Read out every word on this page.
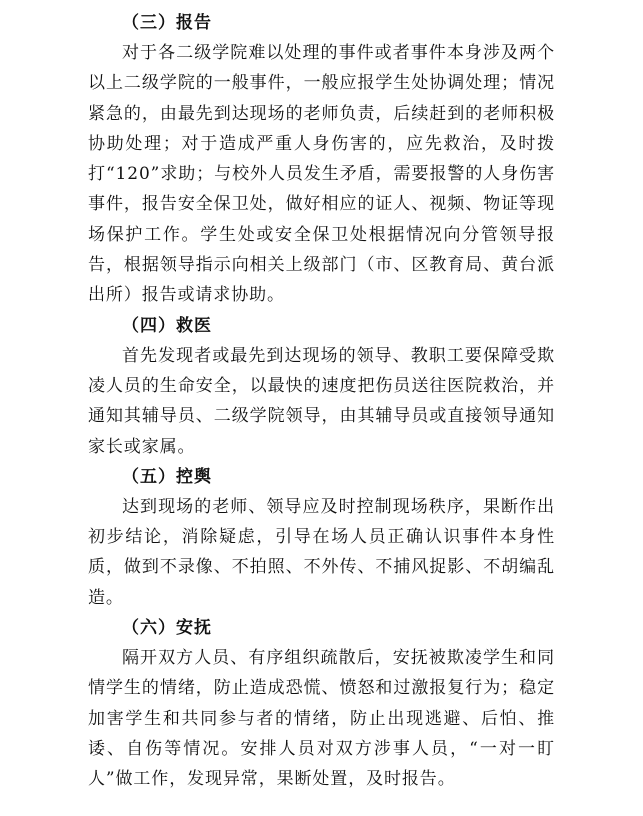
（三）报告

对于各二级学院难以处理的事件或者事件本身涉及两个以上二级学院的一般事件，一般应报学生处协调处理；情况紧急的，由最先到达现场的老师负责，后续赶到的老师积极协助处理；对于造成严重人身伤害的，应先救治，及时拨打“120”求助；与校外人员发生矛盾，需要报警的人身伤害事件，报告安全保卫处，做好相应的证人、视频、物证等现场保护工作。学生处或安全保卫处根据情况向分管领导报告，根据领导指示向相关上级部门（市、区教育局、黄台派出所）报告或请求协助。

（四）救医

首先发现者或最先到达现场的领导、教职工要保障受欺凌人员的生命安全，以最快的速度把伤员送往医院救治，并通知其辅导员、二级学院领导，由其辅导员或直接领导通知家长或家属。

（五）控舆

达到现场的老师、领导应及时控制现场秩序，果断作出初步结论，消除疑虑，引导在场人员正确认识事件本身性质，做到不录像、不拍照、不外传、不捕风捉影、不胡编乱造。

（六）安抚

隔开双方人员、有序组织疏散后，安抚被欺凌学生和同情学生的情绪，防止造成恐慌、愤怒和过激报复行为；稳定加害学生和共同参与者的情绪，防止出现逃避、后怕、推诿、自伤等情况。安排人员对双方涉事人员，“一对一盯人”做工作，发现异常，果断处置，及时报告。
